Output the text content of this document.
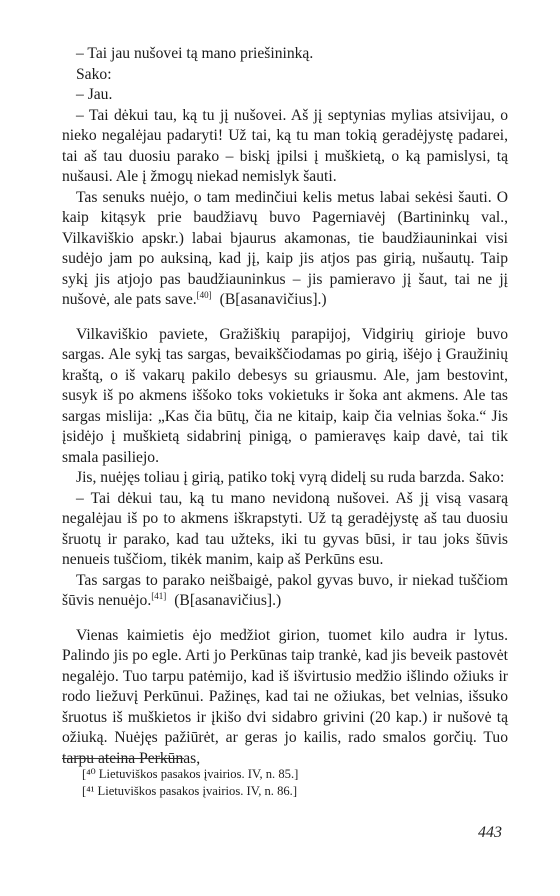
– Tai jau nušovei tą mano priešininką.

Sako:

– Jau.

– Tai dėkui tau, ką tu jį nušovei. Aš jį septynias mylias atsivijau, o nieko negalėjau padaryti! Už tai, ką tu man tokią geradėjystę padarei, tai aš tau duosiu parako – biskį įpilsi į muškietą, o ką pamislysi, tą nušausi. Ale į žmogų niekad nemislyk šauti.

Tas senuks nuėjo, o tam medinčiui kelis metus labai sekėsi šauti. O kaip kitąsyk prie baudžiavų buvo Pagerniavėj (Bartininkų val., Vilkaviškio apskr.) labai bjaurus akamonas, tie baudžiauninkai visi sudėjo jam po auksiną, kad jį, kaip jis atjos pas girią, nušautų. Taip sykį jis atjojo pas baudžiauninkus – jis pamieravo jį šaut, tai ne jį nušovė, ale pats save.[40] (B[asanavičius].)

Vilkaviškio paviete, Gražiškių parapijoj, Vidgirių girioje buvo sargas. Ale sykį tas sargas, bevaikščiodamas po girią, išėjo į Graužinių kraštą, o iš vakarų pakilo debesys su griausmu. Ale, jam bestovint, susyk iš po akmens iššoko toks vokietuks ir šoka ant akmens. Ale tas sargas mislija: „Kas čia būtų, čia ne kitaip, kaip čia velnias šoka.“ Jis įsidėjo į muškietą sidabrinį pinigą, o pamieravęs kaip davė, tai tik smala pasiliejo.

Jis, nuėjęs toliau į girią, patiko tokį vyrą didelį su ruda barzda. Sako:

– Tai dėkui tau, ką tu mano nevidoną nušovei. Aš jį visą vasarą negalėjau iš po to akmens iškrapstyti. Už tą geradėjystę aš tau duosiu šruotų ir parako, kad tau užteks, iki tu gyvas būsi, ir tau joks šūvis nenueis tuščiom, tikėk manim, kaip aš Perkūns esu.

Tas sargas to parako neišbaigė, pakol gyvas buvo, ir niekad tuščiom šūvis nenuėjo.[41] (B[asanavičius].)

Vienas kaimietis ėjo medžiot girion, tuomet kilo audra ir lytus. Palindo jis po egle. Arti jo Perkūnas taip trankė, kad jis beveik pastovėt negalėjo. Tuo tarpu patėmijo, kad iš išvirtusio medžio išlindo ožiuks ir rodo liežuvį Perkūnui. Pažinęs, kad tai ne ožiukas, bet velnias, išsuko šruotus iš muškietos ir įkišo dvi sidabro grivini (20 kap.) ir nušovė tą ožiuką. Nuėjęs pažiūrėt, ar geras jo kailis, rado smalos gorčių. Tuo tarpu ateina Perkūnas,

[⁴⁰ Lietuviškos pasakos įvairios. IV, n. 85.]

[⁴¹ Lietuviškos pasakos įvairios. IV, n. 86.]

443
